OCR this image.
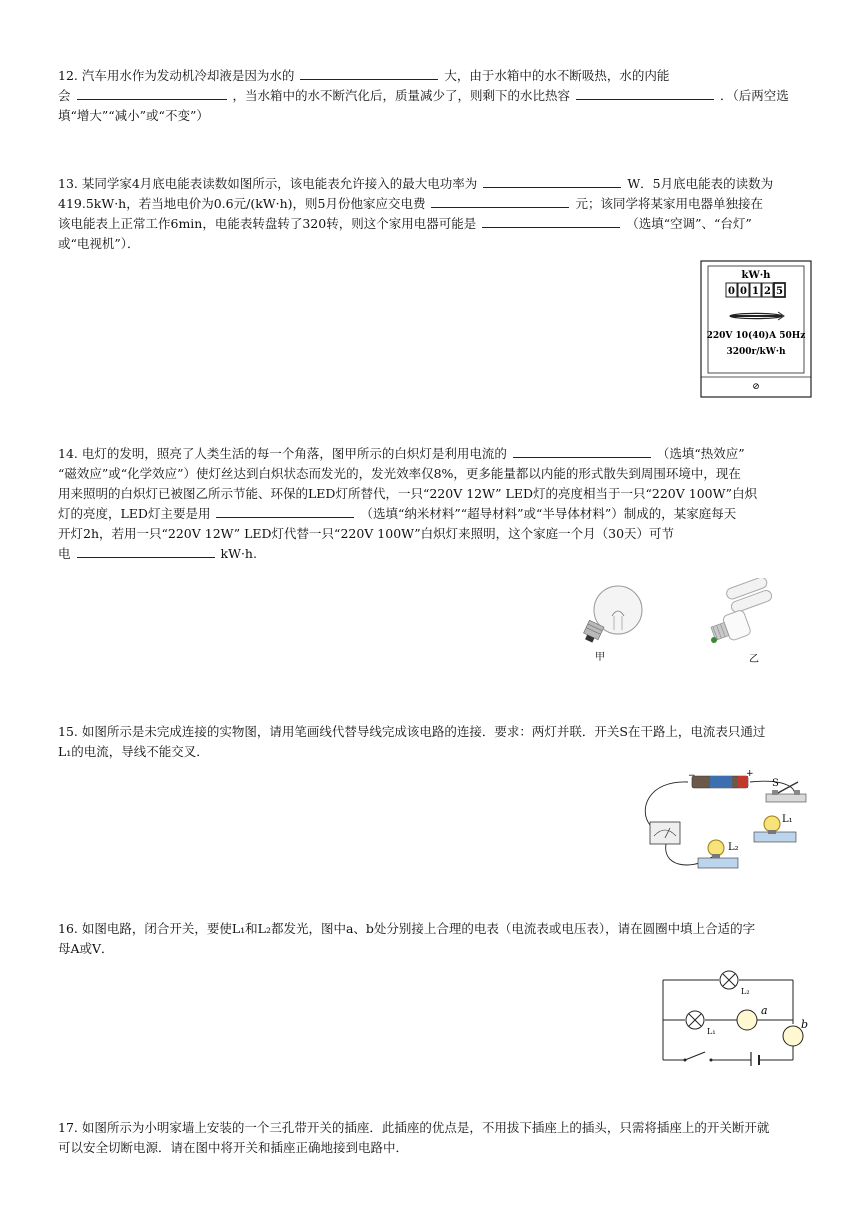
12. 汽车用水作为发动机冷却液是因为水的	大，由于水箱中的水不断吸热，水的内能
会	，当水箱中的水不断汽化后，质量减少了，则剩下的水比热容	．（后两空选
填“增大”“减小”或“不变”）
13. 某同学家4月底电能表读数如图所示，该电能表允许接入的最大电功率为	W．5月底电能表的读数为
419.5kW·h，若当地电价为0.6元/(kW·h)，则5月份他家应交电费	元；该同学将某家用电器单独接在
该电能表上正常工作6min，电能表转盘转了320转，则这个家用电器可能是	（选填“空调”、“台灯”
或“电视机”）．
kW·h
0 0 1 2 5
220V 10(40)A 50Hz
3200r/kW·h
⊘
14. 电灯的发明，照亮了人类生活的每一个角落，图甲所示的白炽灯是利用电流的	（选填“热效应”
“磁效应”或“化学效应”）使灯丝达到白炽状态而发光的，发光效率仅8%，更多能量都以内能的形式散失到周围环境中，现在
用来照明的白炽灯已被图乙所示节能、环保的LED灯所替代，一只“220V 12W” LED灯的亮度相当于一只“220V 100W”白炽
灯的亮度，LED灯主要是用	（选填“纳米材料”“超导材料”或“半导体材料”）制成的，某家庭每天
开灯2h，若用一只“220V 12W” LED灯代替一只“220V 100W”白炽灯来照明，这个家庭一个月（30天）可节
电	kW·h.
甲	乙
15. 如图所示是未完成连接的实物图，请用笔画线代替导线完成该电路的连接．要求：两灯并联．开关S在干路上，电流表只通过
L₁的电流，导线不能交叉．
−	+
S
L₁
L₂
16. 如图电路，闭合开关，要使L₁和L₂都发光，图中a、b处分别接上合理的电表（电流表或电压表），请在圆圈中填上合适的字
母A或V．
L₂
L₁
a
b
17. 如图所示为小明家墙上安装的一个三孔带开关的插座．此插座的优点是，不用拔下插座上的插头，只需将插座上的开关断开就
可以安全切断电源．请在图中将开关和插座正确地接到电路中．
